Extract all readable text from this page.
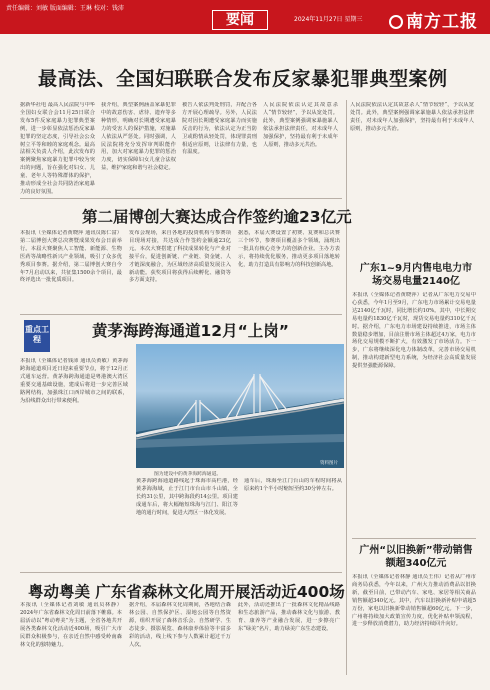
责任编辑：刘敏 版面编辑：王琳 校对：钱沛
要闻	2024年11月27日 星期三	南方工报
最高法、全国妇联联合发布反家暴犯罪典型案例
据新华社电 最高人民法院与中华全国妇女联合会11月25日联合发布5件反家庭暴力犯罪典型案例，进一步彰显依法惩治反家暴犯罪的坚定态度，引导社会公众树立平等和睦的家庭观念。最高法相关负责人介绍，此次发布的案例聚焦家庭暴力犯罪中较为突出的问题，旨在强化对妇女、儿童、老年人等特殊群体的保护，推动形成全社会共同防治家庭暴力的良好氛围。
我介绍，典型案例涵盖家暴犯罪中的故意伤害、虐待、遗弃等多种情形，明确对长期遭受家庭暴力的受害人的保护措施，对施暴人依法从严惩处。同时强调，人民法院将充分发挥审判职能作用，加大对家庭暴力犯罪的惩治力度，切实保障妇女儿童合法权益，维护家庭和谐与社会稳定。
被告人依法判处刑罚，并配合各方开展心理疏导。另外，人民法院对因长期遭受家庭暴力而实施反击的行为，依法认定为正当防卫或酌情从轻处罚，体现罪责刑相适应原则，让法律有力量，也有温度。
人民法院依法认定其故意杀人“情节较轻”，予以从宽处罚。此外，典型案例强调家暴施暴人依法承担法律责任，对未成年人加强保护，坚持最有利于未成年人原则，推动多元共治。
人民法院依法认定其故意杀人“情节较轻”，予以从宽处罚。此外，典型案例强调家暴施暴人依法承担法律责任，对未成年人加强保护，坚持最有利于未成年人原则，推动多元共治。
第二届博创大赛达成合作签约逾23亿元
本报讯（全媒体记者黄晓萍 通讯员陈仁富）第二届博创大赛总决赛暨成果发布会日前举行。本届大赛聚焦人工智能、新能源、生物医药等战略性新兴产业领域，吸引了众多优秀项目参赛。据介绍，第二届博创大赛自今年7月启动以来，共征集1500余个项目，最终评选出一批优质项目。
发布会现场，来自各地的投资机构与参赛项目现场对接，共达成合作签约金额逾23亿元。本次大赛搭建了科技成果转化与产业对接平台，促进创新链、产业链、资金链、人才链深度融合，为区域经济高质量发展注入新动能。获奖项目将获得后续孵化、融资等多方面支持。
据悉，本届大赛设置了初赛、复赛和总决赛三个环节，参赛项目覆盖多个领域，涌现出一批具有核心竞争力的创新企业。主办方表示，将持续优化服务，推动更多项目落地转化，助力打造具有影响力的科技创新高地。
重点工程	黄茅海跨海通道12月“上岗”
本报讯（全媒体记者钱沛 通讯员黄敏）黄茅海跨海通道项目近日迎来重要节点，将于12月正式通车运营。黄茅海跨海通道是粤港澳大湾区重要交通基础设施，建成后将进一步完善区域路网结构，加强珠江口西岸城市之间的联系，为沿线群众出行带来便利。
资料图片
图为建设中的黄茅海跨海通道。
黄茅海跨海通道路线起于珠海市高栏港，经黄茅海海域，止于江门市台山市斗山镇，全长约31公里，其中跨海段约14公里。项目建成通车后，将大幅缩短珠海与江门、阳江等地的通行时间，促进大湾区一体化发展。
通车后，珠海至江门台山的车程时间将从原来约1个半小时缩短至约30分钟左右。
粤动粤美 广东省森林文化周开展活动近400场
本报讯（全媒体记者刘敏 通讯员林静）2024年广东省森林文化周日前落下帷幕。本届活动以“粤动粤美”为主题，全省各地共开展各类森林文化活动近400场，吸引广大市民群众积极参与，在亲近自然中感受岭南森林文化的独特魅力。
据介绍，本届森林文化周期间，各地结合森林公园、自然保护区、湿地公园等自然资源，组织开展了森林音乐会、自然研学、生态徒步、摄影展览、森林康养体验等丰富多彩的活动，线上线下参与人数累计超过千万人次。
此外，活动还推出了一批森林文化精品线路和生态旅游产品，推动森林文化与旅游、教育、康养等产业融合发展，进一步擦亮广东“绿美”名片，助力绿美广东生态建设。
广东1~9月内售电电力市场交易电量2140亿
本报讯（全媒体记者黄晓萍）记者从广东电力交易中心获悉，今年1月至9月，广东电力市场累计交易电量达2140亿千瓦时，同比增长约10%。其中，中长期交易电量约1830亿千瓦时，现货交易电量约310亿千瓦时。据介绍，广东电力市场建设持续推进，市场主体数量稳步增加，目前注册市场主体超过4万家，电力市场化交易规模不断扩大，有效激发了市场活力。下一步，广东将继续深化电力体制改革，完善市场交易机制，推动构建新型电力系统，为经济社会高质量发展提供坚强能源保障。
广州“以旧换新”带动销售额超340亿元
本报讯（全媒体记者林静 通讯员王伟）记者从广州市商务局获悉，今年以来，广州大力推动消费品以旧换新，截至目前，已带动汽车、家电、家居等相关商品销售额超340亿元。其中，汽车以旧换新补贴申请超5万份，家电以旧换新带动销售额超60亿元。下一步，广州将持续加大政策宣传力度，优化补贴申领流程，进一步释放消费潜力，助力经济持续回升向好。
